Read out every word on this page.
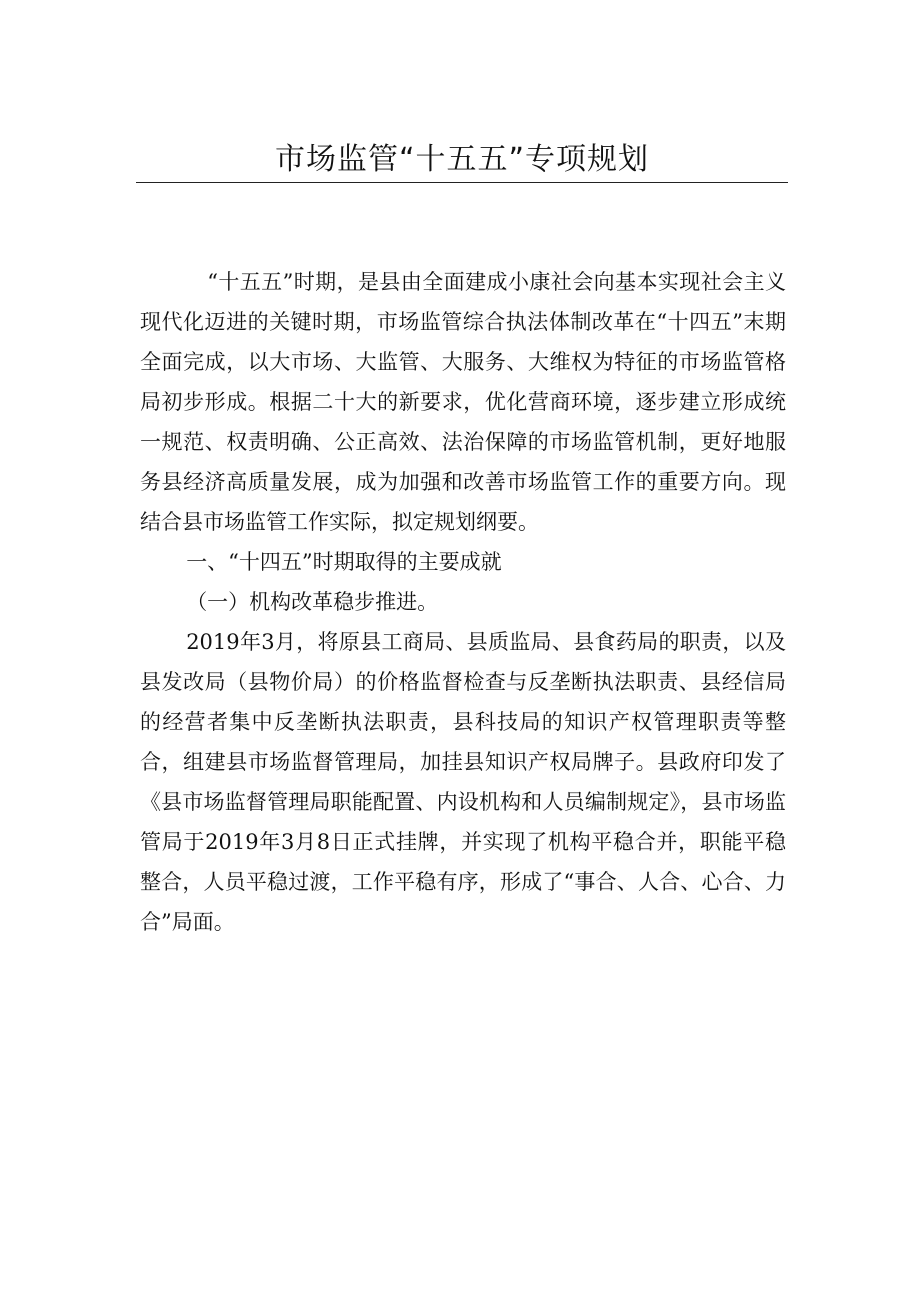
市场监管“十五五”专项规划

“十五五”时期，是县由全面建成小康社会向基本实现社会主义现代化迈进的关键时期，市场监管综合执法体制改革在“十四五”末期全面完成，以大市场、大监管、大服务、大维权为特征的市场监管格局初步形成。根据二十大的新要求，优化营商环境，逐步建立形成统一规范、权责明确、公正高效、法治保障的市场监管机制，更好地服务县经济高质量发展，成为加强和改善市场监管工作的重要方向。现结合县市场监管工作实际，拟定规划纲要。

一、“十四五”时期取得的主要成就

（一）机构改革稳步推进。

2019年3月，将原县工商局、县质监局、县食药局的职责，以及县发改局（县物价局）的价格监督检查与反垄断执法职责、县经信局的经营者集中反垄断执法职责，县科技局的知识产权管理职责等整合，组建县市场监督管理局，加挂县知识产权局牌子。县政府印发了《县市场监督管理局职能配置、内设机构和人员编制规定》，县市场监管局于2019年3月8日正式挂牌，并实现了机构平稳合并，职能平稳整合，人员平稳过渡，工作平稳有序，形成了“事合、人合、心合、力合”局面。
